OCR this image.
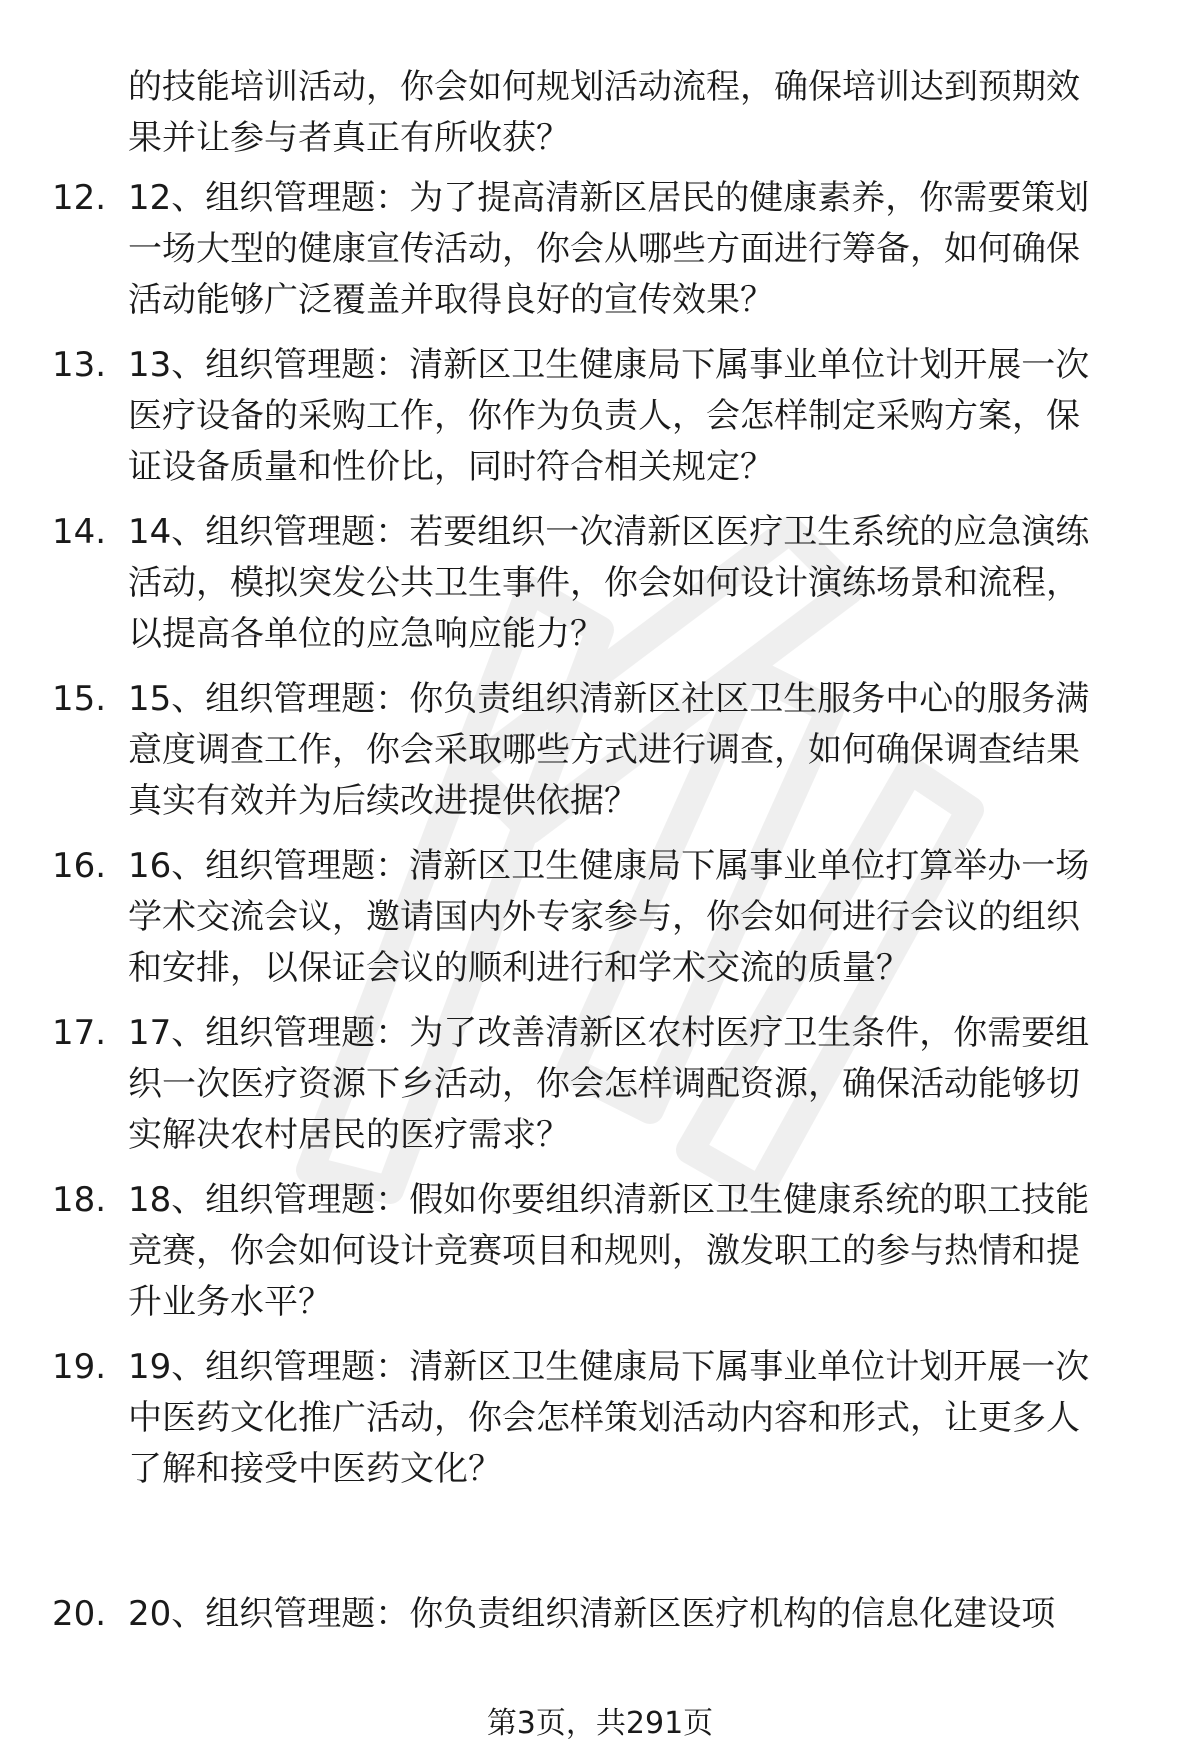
的技能培训活动，你会如何规划活动流程，确保培训达到预期效
果并让参与者真正有所收获？
12. 12、组织管理题：为了提高清新区居民的健康素养，你需要策划
一场大型的健康宣传活动，你会从哪些方面进行筹备，如何确保
活动能够广泛覆盖并取得良好的宣传效果？
13. 13、组织管理题：清新区卫生健康局下属事业单位计划开展一次
医疗设备的采购工作，你作为负责人，会怎样制定采购方案，保
证设备质量和性价比，同时符合相关规定？
14. 14、组织管理题：若要组织一次清新区医疗卫生系统的应急演练
活动，模拟突发公共卫生事件，你会如何设计演练场景和流程，
以提高各单位的应急响应能力？
15. 15、组织管理题：你负责组织清新区社区卫生服务中心的服务满
意度调查工作，你会采取哪些方式进行调查，如何确保调查结果
真实有效并为后续改进提供依据？
16. 16、组织管理题：清新区卫生健康局下属事业单位打算举办一场
学术交流会议，邀请国内外专家参与，你会如何进行会议的组织
和安排，以保证会议的顺利进行和学术交流的质量？
17. 17、组织管理题：为了改善清新区农村医疗卫生条件，你需要组
织一次医疗资源下乡活动，你会怎样调配资源，确保活动能够切
实解决农村居民的医疗需求？
18. 18、组织管理题：假如你要组织清新区卫生健康系统的职工技能
竞赛，你会如何设计竞赛项目和规则，激发职工的参与热情和提
升业务水平？
19. 19、组织管理题：清新区卫生健康局下属事业单位计划开展一次
中医药文化推广活动，你会怎样策划活动内容和形式，让更多人
了解和接受中医药文化？
20. 20、组织管理题：你负责组织清新区医疗机构的信息化建设项
第3页，共291页
